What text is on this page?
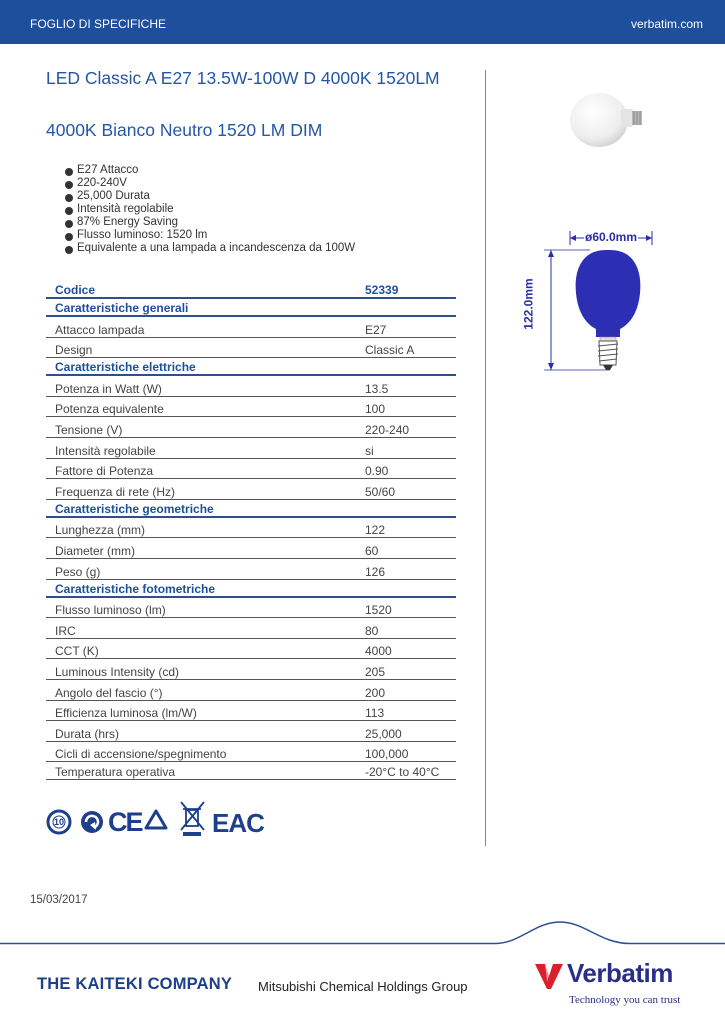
FOGLIO DI SPECIFICHE	verbatim.com
LED Classic A E27 13.5W-100W D 4000K 1520LM
4000K Bianco Neutro 1520 LM DIM
E27 Attacco
220-240V
25,000 Durata
Intensità regolabile
87% Energy Saving
Flusso luminoso: 1520 lm
Equivalente a una lampada a incandescenza da 100W
Codice	52339
Caratteristiche generali	
Attacco lampada	E27
Design	Classic A
Caratteristiche elettriche	
Potenza in Watt (W)	13.5
Potenza equivalente	100
Tensione (V)	220-240
Intensità regolabile	si
Fattore di Potenza	0.90
Frequenza di rete (Hz)	50/60
Caratteristiche geometriche	
Lunghezza (mm)	122
Diameter (mm)	60
Peso (g)	126
Caratteristiche fotometriche	
Flusso luminoso (lm)	1520
IRC	80
CCT (K)	4000
Luminous Intensity (cd)	205
Angolo del fascio (°)	200
Efficienza luminosa (lm/W)	113
Durata (hrs)	25,000
Cicli di accensione/spegnimento	100,000
Temperatura operativa	-20°C to 40°C
ø60.0mm
122.0mm
10 CE	EAC
15/03/2017
THE KAITEKI COMPANY Mitsubishi Chemical Holdings Group	Verbatim
Technology you can trust
